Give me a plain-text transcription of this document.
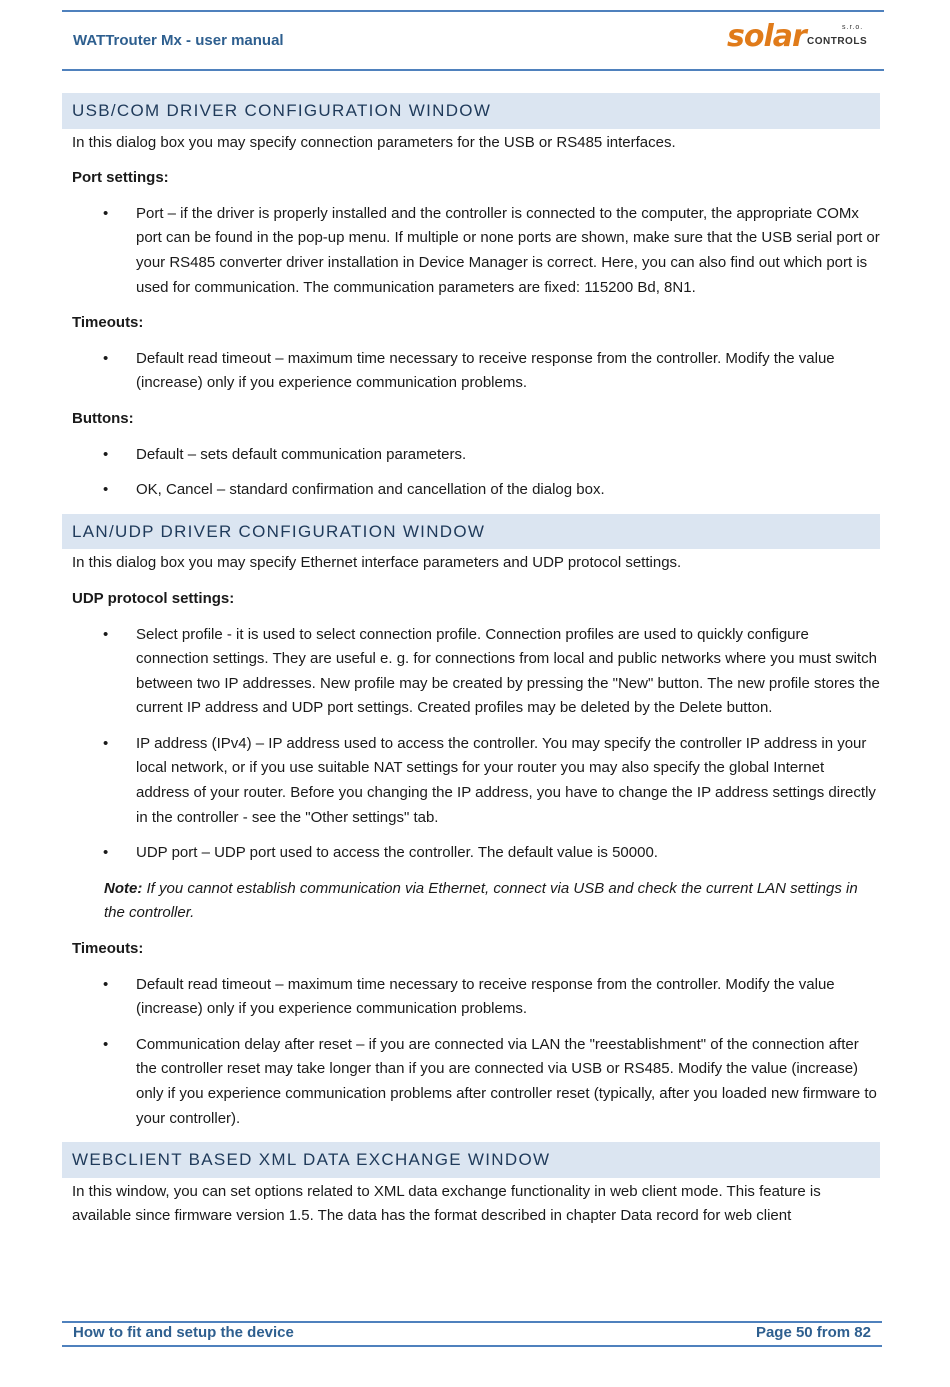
WATTrouter Mx - user manual	solar	s.r.o.
CONTROLS
USB/COM DRIVER CONFIGURATION WINDOW
In this dialog box you may specify connection parameters for the USB or RS485 interfaces.
Port settings:
• Port – if the driver is properly installed and the controller is connected to the computer, the appropriate COMx port can be found in the pop-up menu. If multiple or none ports are shown, make sure that the USB serial port or your RS485 converter driver installation in Device Manager is correct. Here, you can also find out which port is used for communication. The communication parameters are fixed: 115200 Bd, 8N1.
Timeouts:
• Default read timeout – maximum time necessary to receive response from the controller. Modify the value (increase) only if you experience communication problems.
Buttons:
• Default – sets default communication parameters.
• OK, Cancel – standard confirmation and cancellation of the dialog box.
LAN/UDP DRIVER CONFIGURATION WINDOW
In this dialog box you may specify Ethernet interface parameters and UDP protocol settings.
UDP protocol settings:
• Select profile - it is used to select connection profile. Connection profiles are used to quickly configure connection settings. They are useful e. g. for connections from local and public networks where you must switch between two IP addresses. New profile may be created by pressing the "New" button. The new profile stores the current IP address and UDP port settings. Created profiles may be deleted by the Delete button.
• IP address (IPv4) – IP address used to access the controller. You may specify the controller IP address in your local network, or if you use suitable NAT settings for your router you may also specify the global Internet address of your router. Before you changing the IP address, you have to change the IP address settings directly in the controller - see the "Other settings" tab.
• UDP port – UDP port used to access the controller. The default value is 50000.
Note: If you cannot establish communication via Ethernet, connect via USB and check the current LAN settings in the controller.
Timeouts:
• Default read timeout – maximum time necessary to receive response from the controller. Modify the value (increase) only if you experience communication problems.
• Communication delay after reset – if you are connected via LAN the "reestablishment" of the connection after the controller reset may take longer than if you are connected via USB or RS485. Modify the value (increase) only if you experience communication problems after controller reset (typically, after you loaded new firmware to your controller).
WEBCLIENT BASED XML DATA EXCHANGE WINDOW
In this window, you can set options related to XML data exchange functionality in web client mode. This feature is available since firmware version 1.5. The data has the format described in chapter Data record for web client
How to fit and setup the device	Page 50 from 82
